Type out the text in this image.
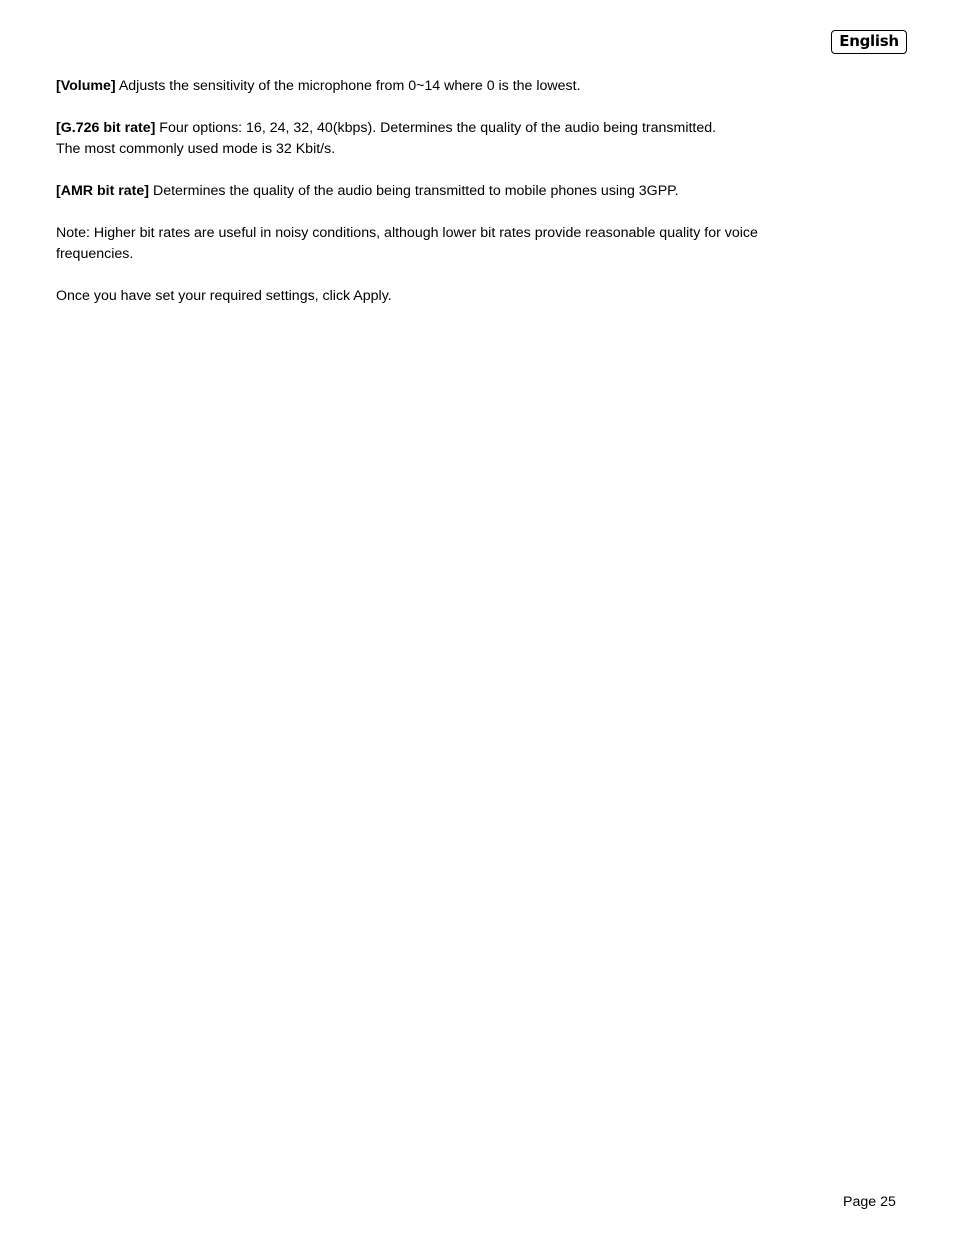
English

[Volume] Adjusts the sensitivity of the microphone from 0~14 where 0 is the lowest.

[G.726 bit rate] Four options: 16, 24, 32, 40(kbps). Determines the quality of the audio being transmitted.
The most commonly used mode is 32 Kbit/s.

[AMR bit rate] Determines the quality of the audio being transmitted to mobile phones using 3GPP.

Note: Higher bit rates are useful in noisy conditions, although lower bit rates provide reasonable quality for voice
frequencies.

Once you have set your required settings, click Apply.

Page 25
